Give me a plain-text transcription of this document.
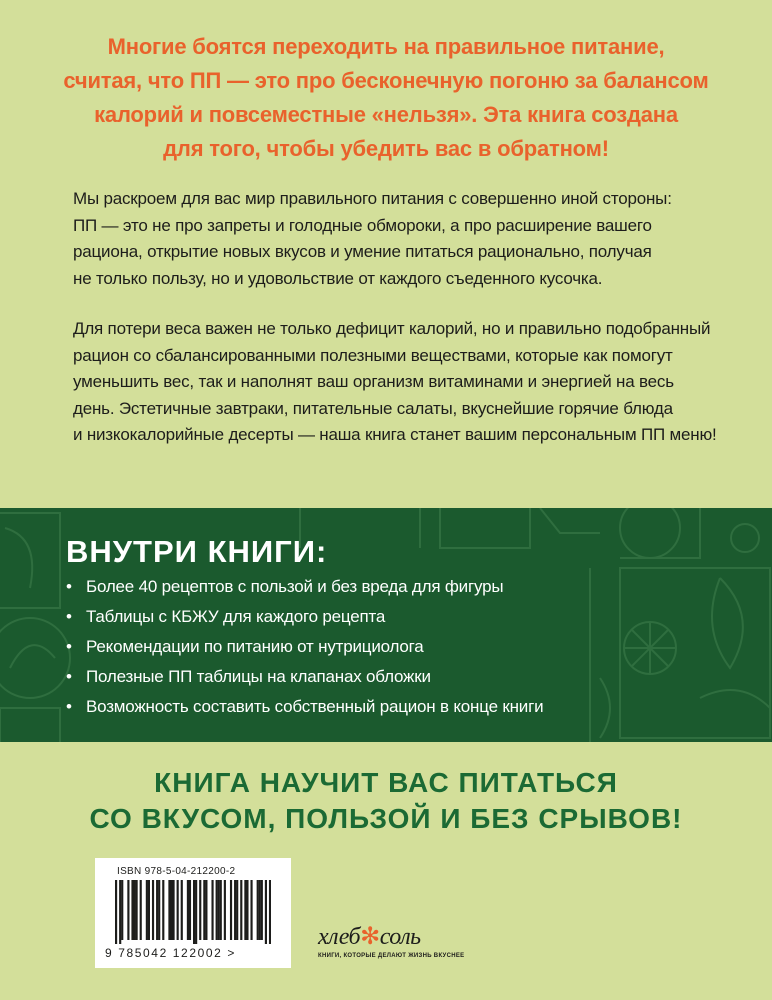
Многие боятся переходить на правильное питание,
считая, что ПП — это про бесконечную погоню за балансом
калорий и повсеместные «нельзя». Эта книга создана
для того, чтобы убедить вас в обратном!
Мы раскроем для вас мир правильного питания с совершенно иной стороны:
ПП — это не про запреты и голодные обмороки, а про расширение вашего
рациона, открытие новых вкусов и умение питаться рационально, получая
не только пользу, но и удовольствие от каждого съеденного кусочка.
Для потери веса важен не только дефицит калорий, но и правильно подобранный
рацион со сбалансированными полезными веществами, которые как помогут
уменьшить вес, так и наполнят ваш организм витаминами и энергией на весь
день. Эстетичные завтраки, питательные салаты, вкуснейшие горячие блюда
и низкокалорийные десерты — наша книга станет вашим персональным ПП меню!
ВНУТРИ КНИГИ:
• Более 40 рецептов с пользой и без вреда для фигуры
• Таблицы с КБЖУ для каждого рецепта
• Рекомендации по питанию от нутрициолога
• Полезные ПП таблицы на клапанах обложки
• Возможность составить собственный рацион в конце книги
КНИГА НАУЧИТ ВАС ПИТАТЬСЯ
СО ВКУСОМ, ПОЛЬЗОЙ И БЕЗ СРЫВОВ!
ISBN 978-5-04-212200-2
9 785042 122002 >
хлеб✻соль
КНИГИ, КОТОРЫЕ ДЕЛАЮТ ЖИЗНЬ ВКУСНЕЕ
